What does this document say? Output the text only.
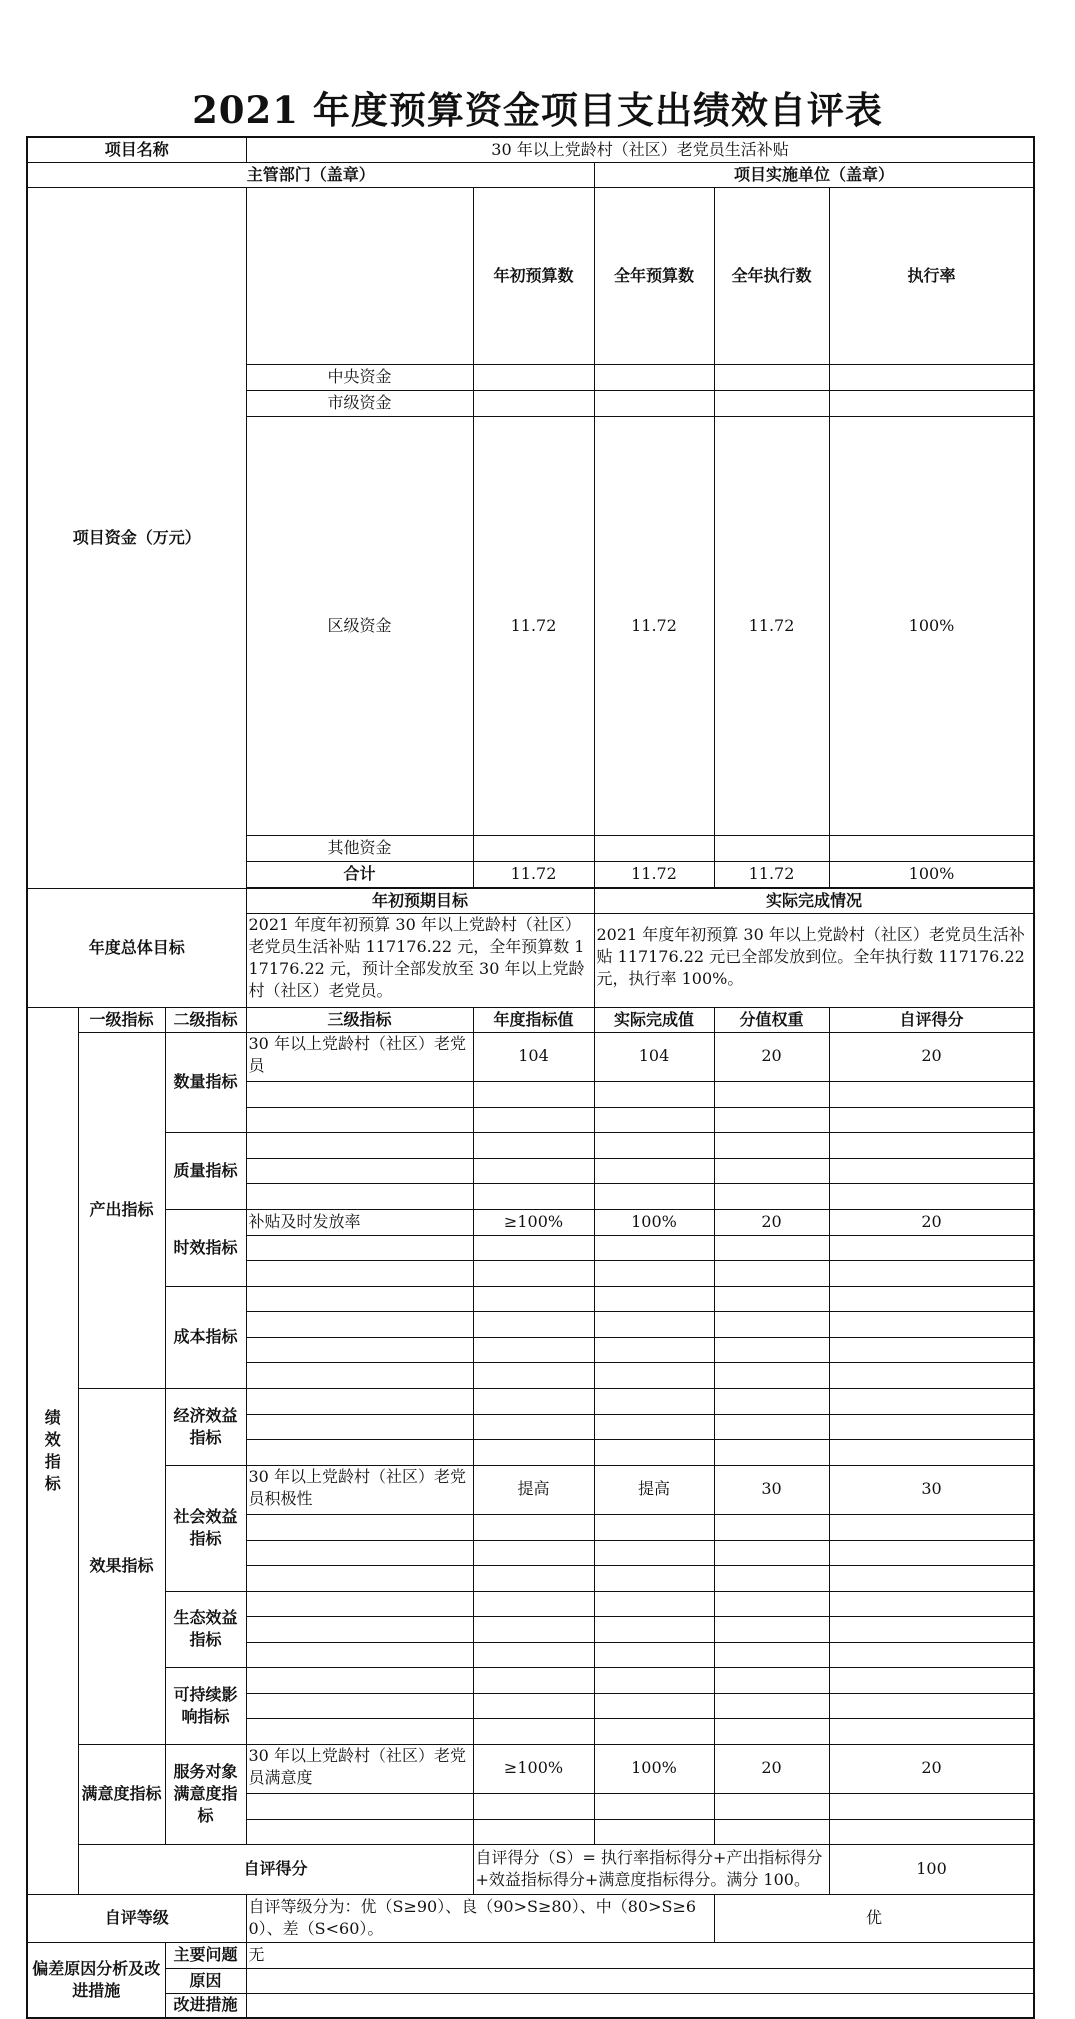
2021 年度预算资金项目支出绩效自评表
项目名称			30 年以上党龄村（社区）老党员生活补贴					
主管部门（盖章）					项目实施单位（盖章）			
项目资金（万元）				年初预算数	全年预算数	全年执行数	执行率	
			中央资金					
			市级资金					
			区级资金	11.72	11.72	11.72	100%	
			其他资金					
			合计	11.72	11.72	11.72	100%	

年度总体目标			年初预期目标		实际完成情况			
			2021 年度年初预算 30 年以上党龄村（社区）老党员生活补贴 117176.22 元，全年预算数 117176.22 元，预计全部发放至 30 年以上党龄村（社区）老党员。		2021 年度年初预算 30 年以上党龄村（社区）老党员生活补贴 117176.22 元已全部发放到位。全年执行数 117176.22 元，执行率 100%。			

绩效指标	一级指标	二级指标	三级指标	年度指标值	实际完成值	分值权重	自评得分	
	产出指标	数量指标	30 年以上党龄村（社区）老党员	104	104	20	20	

		质量指标						

		时效指标	补贴及时发放率	≥100%	100%	20	20	

		成本指标						

	效果指标	经济效益指标						

		社会效益指标	30 年以上党龄村（社区）老党员积极性	提高	提高	30	30	

		生态效益指标						

		可持续影响指标						

	满意度指标	服务对象满意度指标	30 年以上党龄村（社区）老党员满意度	≥100%	100%	20	20	

	自评得分			自评得分（S）= 执行率指标得分+产出指标得分+效益指标得分+满意度指标得分。满分 100。			100	
自评等级			自评等级分为：优（S≥90）、良（90>S≥80）、中（80>S≥60）、差（S<60）。			优		
偏差原因分析及改进措施		主要问题	无					
		原因						
		改进措施						
